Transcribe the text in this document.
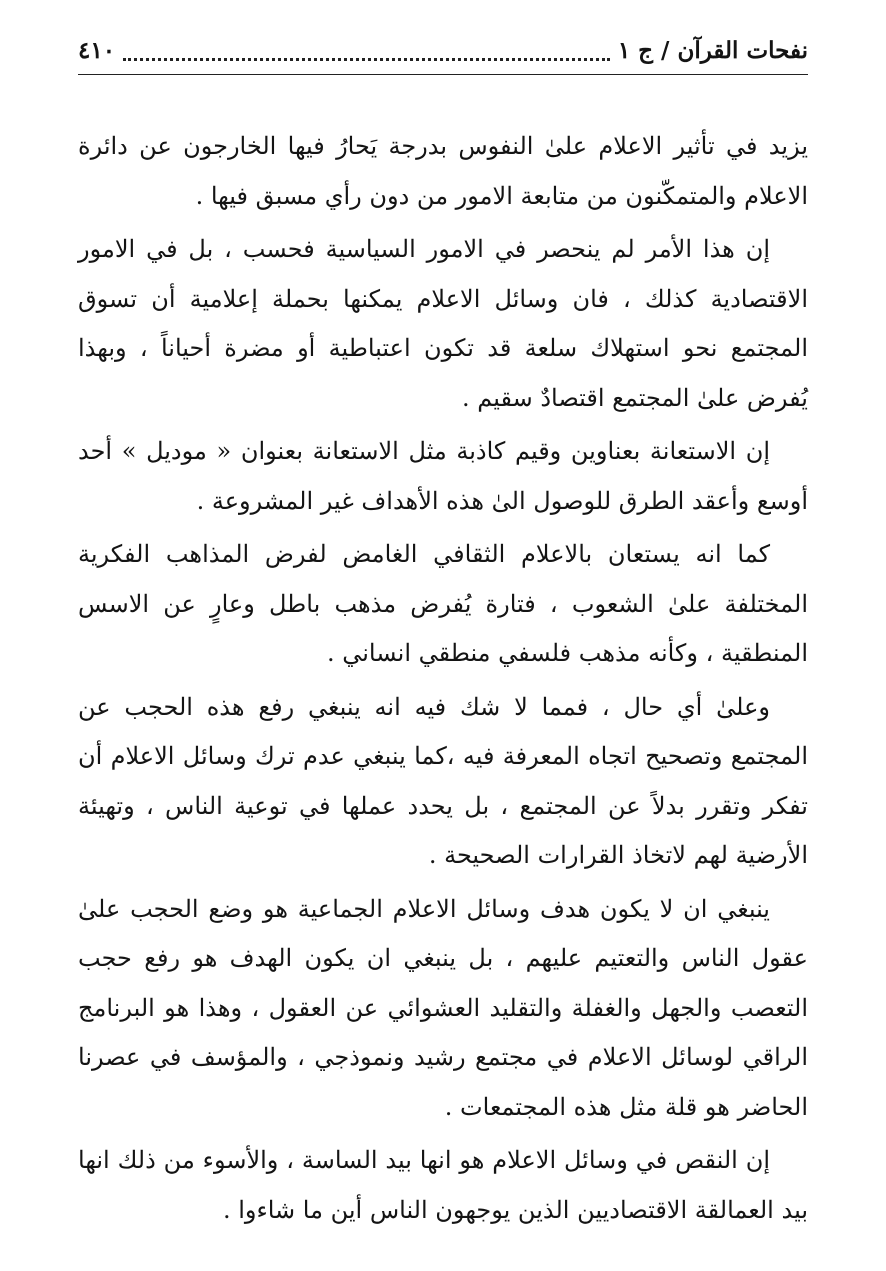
٤١٠	نفحات القرآن / ج ١

يزيد في تأثير الاعلام علىٰ النفوس بدرجة يَحارُ فيها الخارجون عن دائرة الاعلام والمتمكّنون من متابعة الامور من دون رأي مسبق فيها .

إن هذا الأمر لم ينحصر في الامور السياسية فحسب ، بل في الامور الاقتصادية كذلك ، فان وسائل الاعلام يمكنها بحملة إعلامية أن تسوق المجتمع نحو استهلاك سلعة قد تكون اعتباطية أو مضرة أحياناً ، وبهذا يُفرض علىٰ المجتمع اقتصادٌ سقيم .

إن الاستعانة بعناوين وقيم كاذبة مثل الاستعانة بعنوان « موديل » أحد أوسع وأعقد الطرق للوصول الىٰ هذه الأهداف غير المشروعة .

كما انه يستعان بالاعلام الثقافي الغامض لفرض المذاهب الفكرية المختلفة علىٰ الشعوب ، فتارة يُفرض مذهب باطل وعارٍ عن الاسس المنطقية ، وكأنه مذهب فلسفي منطقي انساني .

وعلىٰ أي حال ، فمما لا شك فيه انه ينبغي رفع هذه الحجب عن المجتمع وتصحيح اتجاه المعرفة فيه ،كما ينبغي عدم ترك وسائل الاعلام أن تفكر وتقرر بدلاً عن المجتمع ، بل يحدد عملها في توعية الناس ، وتهيئة الأرضية لهم لاتخاذ القرارات الصحيحة .

ينبغي ان لا يكون هدف وسائل الاعلام الجماعية هو وضع الحجب علىٰ عقول الناس والتعتيم عليهم ، بل ينبغي ان يكون الهدف هو رفع حجب التعصب والجهل والغفلة والتقليد العشوائي عن العقول ، وهذا هو البرنامج الراقي لوسائل الاعلام في مجتمع رشيد ونموذجي ، والمؤسف في عصرنا الحاضر هو قلة مثل هذه المجتمعات .

إن النقص في وسائل الاعلام هو انها بيد الساسة ، والأسوء من ذلك انها بيد العمالقة الاقتصاديين الذين يوجهون الناس أين ما شاءوا .
